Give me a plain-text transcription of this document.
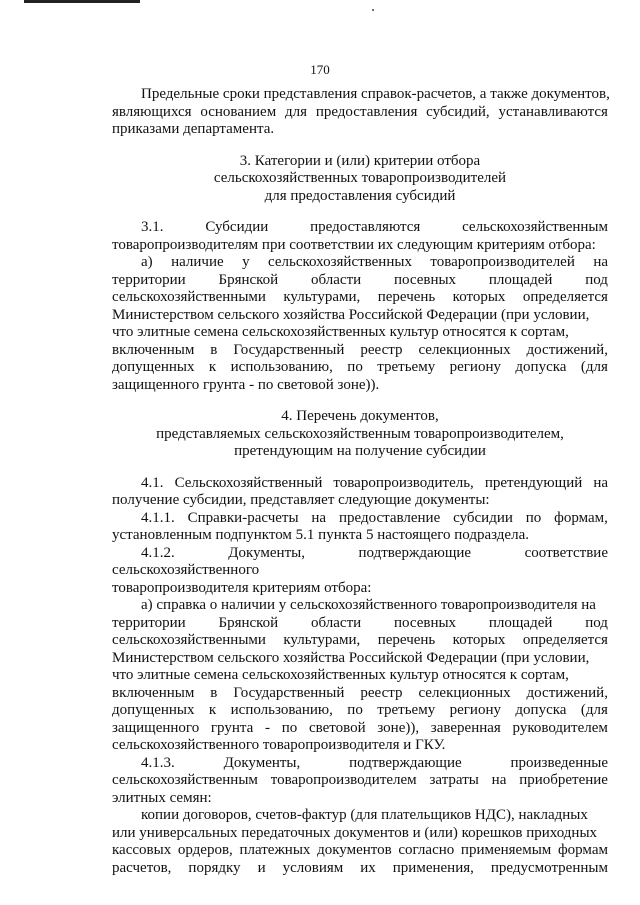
170

Предельные сроки представления справок-расчетов, а также документов,

являющихся основанием для предоставления субсидий, устанавливаются

приказами департамента.

3. Категории и (или) критерии отбора

сельскохозяйственных товаропроизводителей

для предоставления субсидий

3.1.	Субсидии	предоставляются	сельскохозяйственным

товаропроизводителям при соответствии их следующим критериям отбора:

а) наличие у сельскохозяйственных товаропроизводителей на

территории Брянской области посевных площадей под

сельскохозяйственными культурами, перечень которых определяется

Министерством сельского хозяйства Российской Федерации (при условии,

что элитные семена сельскохозяйственных культур относятся к сортам,

включенным в Государственный реестр селекционных достижений,

допущенных к использованию, по третьему региону допуска (для

защищенного грунта - по световой зоне)).

4. Перечень документов,

представляемых сельскохозяйственным товаропроизводителем,

претендующим на получение субсидии

4.1. Сельскохозяйственный товаропроизводитель, претендующий на

получение субсидии, представляет следующие документы:

4.1.1. Справки-расчеты на предоставление субсидии по формам,

установленным подпунктом 5.1 пункта 5 настоящего подраздела.

4.1.2. Документы, подтверждающие соответствие сельскохозяйственного

товаропроизводителя критериям отбора:

а) справка о наличии у сельскохозяйственного товаропроизводителя на

территории Брянской области посевных площадей под

сельскохозяйственными культурами, перечень которых определяется

Министерством сельского хозяйства Российской Федерации (при условии,

что элитные семена сельскохозяйственных культур относятся к сортам,

включенным в Государственный реестр селекционных достижений,

допущенных к использованию, по третьему региону допуска (для

защищенного грунта - по световой зоне)), заверенная руководителем

сельскохозяйственного товаропроизводителя и ГКУ.

4.1.3.	Документы,	подтверждающие	произведенные

сельскохозяйственным товаропроизводителем затраты на приобретение

элитных семян:

копии договоров, счетов-фактур (для плательщиков НДС), накладных

или универсальных передаточных документов и (или) корешков приходных

кассовых ордеров, платежных документов согласно применяемым формам

расчетов, порядку и условиям их применения, предусмотренным
